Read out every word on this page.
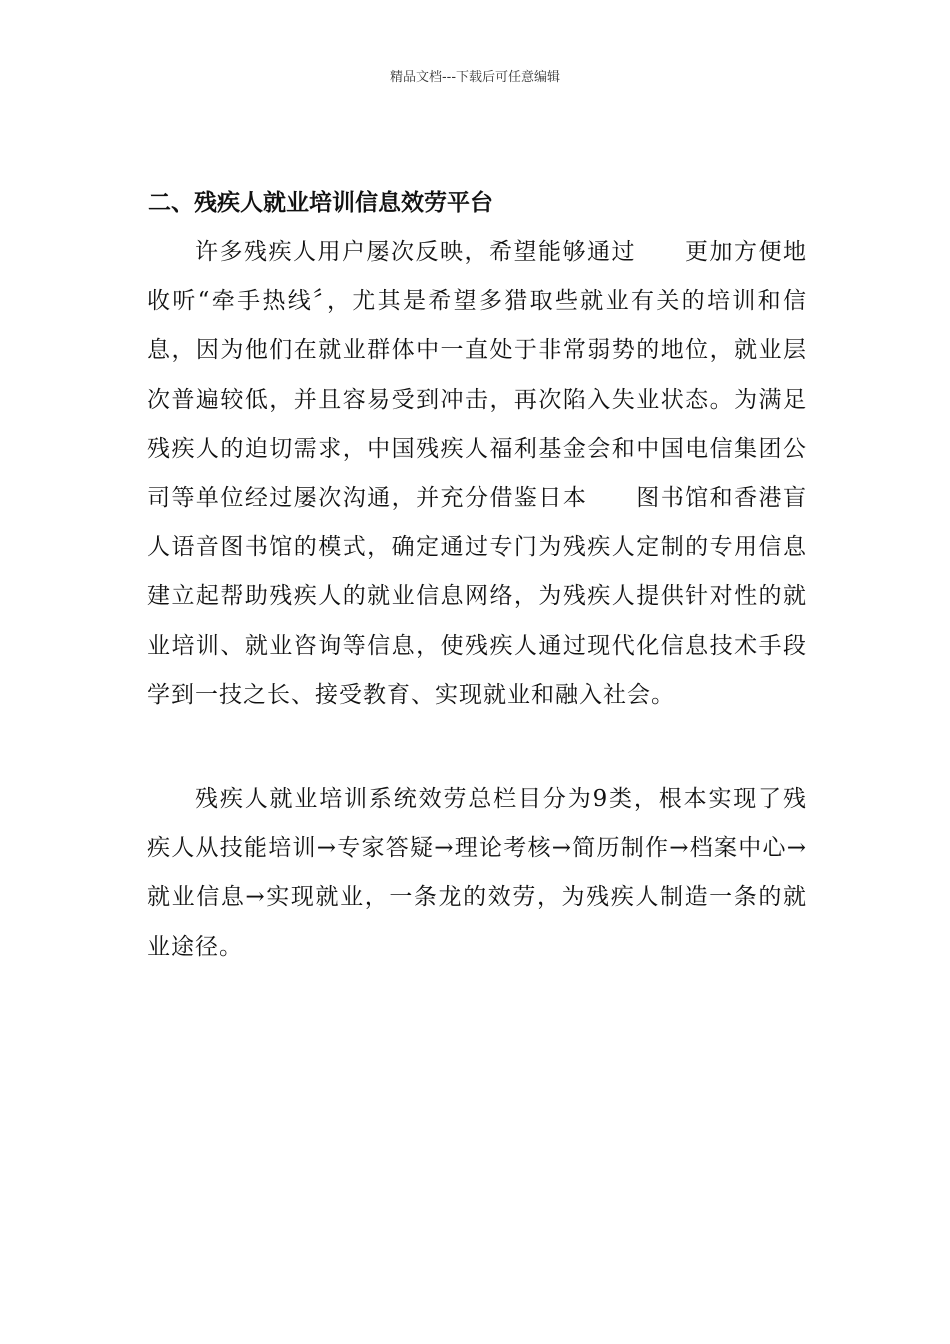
精品文档---下载后可任意编辑
二、残疾人就业培训信息效劳平台

许多残疾人用户屡次反映，希望能够通过　　更加方便地收听“牵手热线〞，尤其是希望多猎取些就业有关的培训和信息，因为他们在就业群体中一直处于非常弱势的地位，就业层次普遍较低，并且容易受到冲击，再次陷入失业状态。为满足残疾人的迫切需求，中国残疾人福利基金会和中国电信集团公司等单位经过屡次沟通，并充分借鉴日本　　图书馆和香港盲人语音图书馆的模式，确定通过专门为残疾人定制的专用信息　　建立起帮助残疾人的就业信息网络，为残疾人提供针对性的就业培训、就业咨询等信息，使残疾人通过现代化信息技术手段学到一技之长、接受教育、实现就业和融入社会。

残疾人就业培训系统效劳总栏目分为9类，根本实现了残疾人从技能培训→专家答疑→理论考核→简历制作→档案中心→就业信息→实现就业，一条龙的效劳，为残疾人制造一条的就业途径。
